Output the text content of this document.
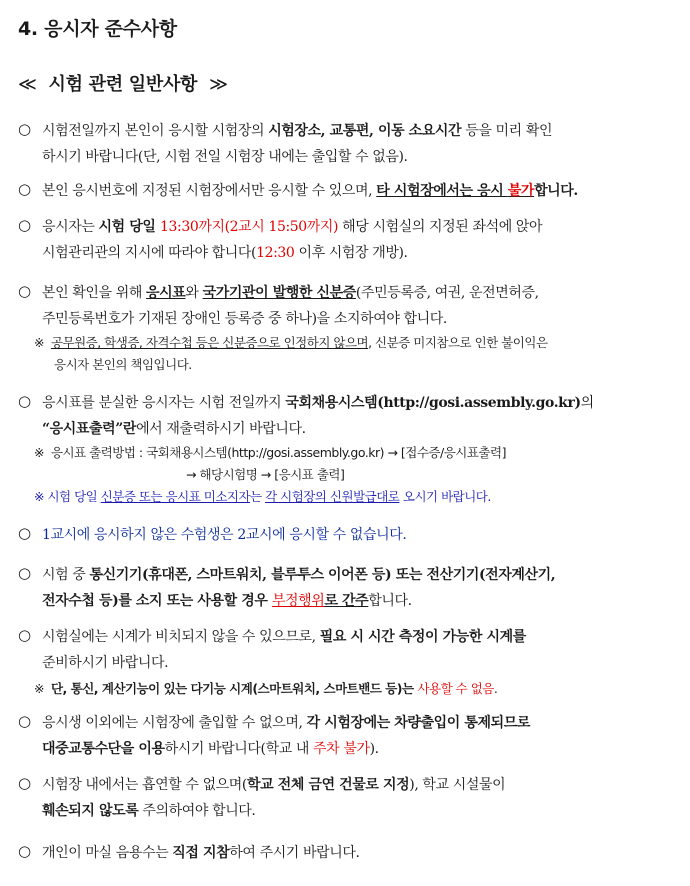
4. 응시자 준수사항
≪ 시험 관련 일반사항 ≫
○ 시험전일까지 본인이 응시할 시험장의 시험장소, 교통편, 이동 소요시간 등을 미리 확인
하시기 바랍니다(단, 시험 전일 시험장 내에는 출입할 수 없음).
○ 본인 응시번호에 지정된 시험장에서만 응시할 수 있으며, 타 시험장에서는 응시 불가합니다.
○ 응시자는 시험 당일 13:30까지(2교시 15:50까지) 해당 시험실의 지정된 좌석에 앉아
시험관리관의 지시에 따라야 합니다(12:30 이후 시험장 개방).
○ 본인 확인을 위해 응시표와 국가기관이 발행한 신분증(주민등록증, 여권, 운전면허증,
주민등록번호가 기재된 장애인 등록증 중 하나)을 소지하여야 합니다.
※ 공무원증, 학생증, 자격수첩 등은 신분증으로 인정하지 않으며, 신분증 미지참으로 인한 불이익은
응시자 본인의 책임입니다.
○ 응시표를 분실한 응시자는 시험 전일까지 국회채용시스템(http://gosi.assembly.go.kr)의
“응시표출력”란에서 재출력하시기 바랍니다.
※ 응시표 출력방법 : 국회채용시스템(http://gosi.assembly.go.kr) → [접수증/응시표출력]
→ 해당시험명 → [응시표 출력]
※ 시험 당일 신분증 또는 응시표 미소지자는 각 시험장의 신원발급대로 오시기 바랍니다.
○ 1교시에 응시하지 않은 수험생은 2교시에 응시할 수 없습니다.
○ 시험 중 통신기기(휴대폰, 스마트워치, 블루투스 이어폰 등) 또는 전산기기(전자계산기,
전자수첩 등)를 소지 또는 사용할 경우 부정행위로 간주합니다.
○ 시험실에는 시계가 비치되지 않을 수 있으므로, 필요 시 시간 측정이 가능한 시계를
준비하시기 바랍니다.
※ 단, 통신, 계산기능이 있는 다기능 시계(스마트워치, 스마트밴드 등)는 사용할 수 없음.
○ 응시생 이외에는 시험장에 출입할 수 없으며, 각 시험장에는 차량출입이 통제되므로
대중교통수단을 이용하시기 바랍니다(학교 내 주차 불가).
○ 시험장 내에서는 흡연할 수 없으며(학교 전체 금연 건물로 지정), 학교 시설물이
훼손되지 않도록 주의하여야 합니다.
○ 개인이 마실 음용수는 직접 지참하여 주시기 바랍니다.
